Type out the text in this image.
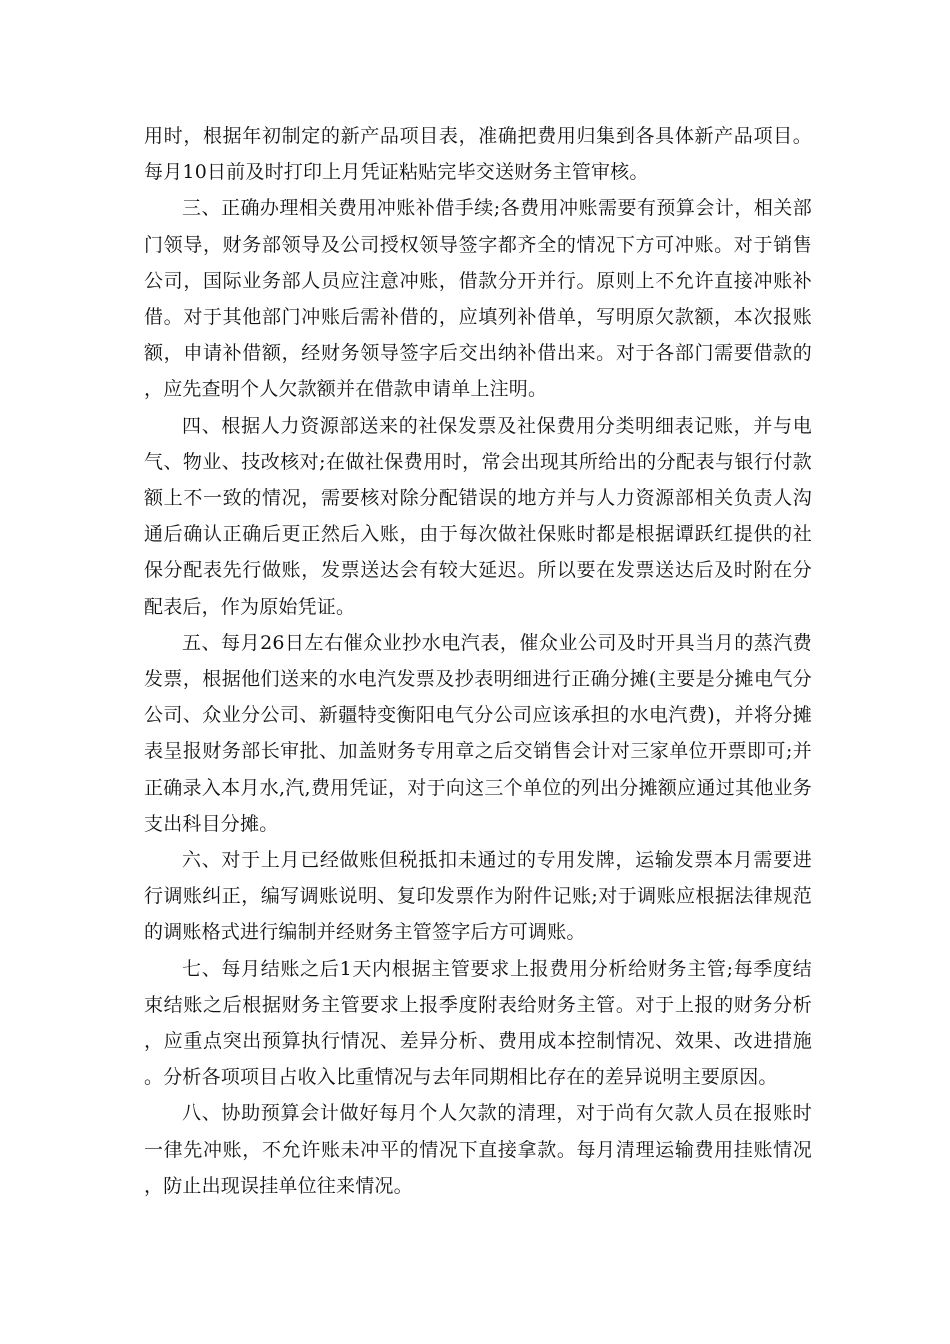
用时，根据年初制定的新产品项目表，准确把费用归集到各具体新产品项目。每月10日前及时打印上月凭证粘贴完毕交送财务主管审核。

三、正确办理相关费用冲账补借手续;各费用冲账需要有预算会计，相关部门领导，财务部领导及公司授权领导签字都齐全的情况下方可冲账。对于销售公司，国际业务部人员应注意冲账，借款分开并行。原则上不允许直接冲账补借。对于其他部门冲账后需补借的，应填列补借单，写明原欠款额，本次报账额，申请补借额，经财务领导签字后交出纳补借出来。对于各部门需要借款的，应先查明个人欠款额并在借款申请单上注明。

四、根据人力资源部送来的社保发票及社保费用分类明细表记账，并与电气、物业、技改核对;在做社保费用时，常会出现其所给出的分配表与银行付款额上不一致的情况，需要核对除分配错误的地方并与人力资源部相关负责人沟通后确认正确后更正然后入账，由于每次做社保账时都是根据谭跃红提供的社保分配表先行做账，发票送达会有较大延迟。所以要在发票送达后及时附在分配表后，作为原始凭证。

五、每月26日左右催众业抄水电汽表，催众业公司及时开具当月的蒸汽费发票，根据他们送来的水电汽发票及抄表明细进行正确分摊(主要是分摊电气分公司、众业分公司、新疆特变衡阳电气分公司应该承担的水电汽费)，并将分摊表呈报财务部长审批、加盖财务专用章之后交销售会计对三家单位开票即可;并正确录入本月水,汽,费用凭证，对于向这三个单位的列出分摊额应通过其他业务支出科目分摊。

六、对于上月已经做账但税抵扣未通过的专用发牌，运输发票本月需要进行调账纠正，编写调账说明、复印发票作为附件记账;对于调账应根据法律规范的调账格式进行编制并经财务主管签字后方可调账。

七、每月结账之后1天内根据主管要求上报费用分析给财务主管;每季度结束结账之后根据财务主管要求上报季度附表给财务主管。对于上报的财务分析，应重点突出预算执行情况、差异分析、费用成本控制情况、效果、改进措施。分析各项项目占收入比重情况与去年同期相比存在的差异说明主要原因。

八、协助预算会计做好每月个人欠款的清理，对于尚有欠款人员在报账时一律先冲账，不允许账未冲平的情况下直接拿款。每月清理运输费用挂账情况，防止出现误挂单位往来情况。
